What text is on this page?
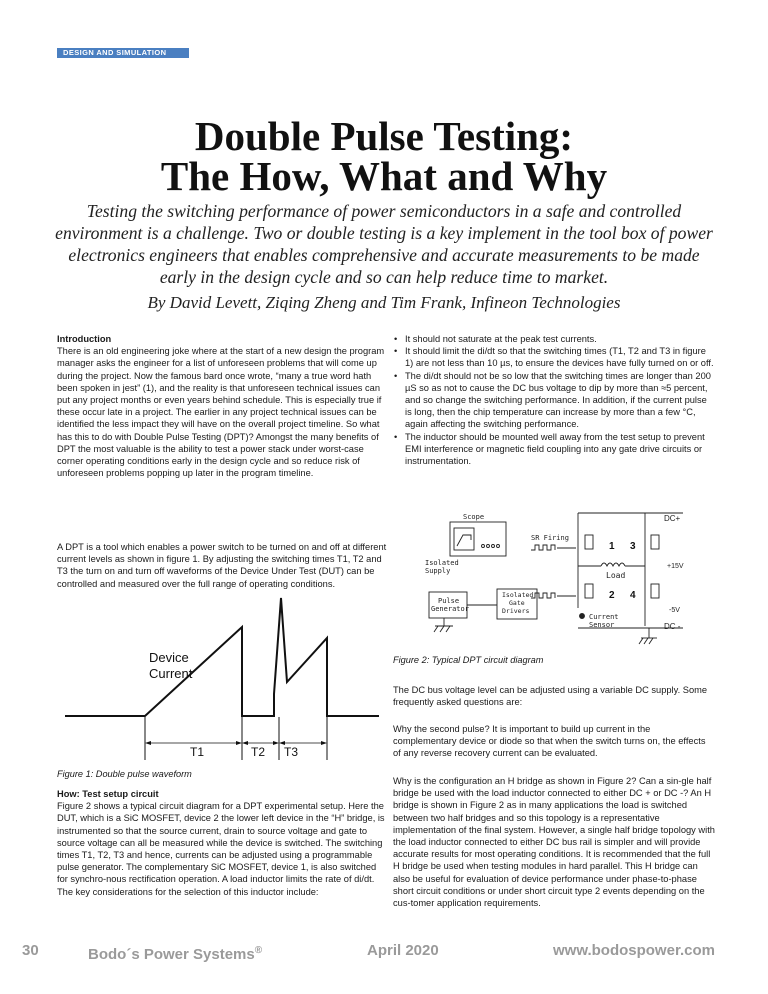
DESIGN AND SIMULATION
Double Pulse Testing:
The How, What and Why
Testing the switching performance of power semiconductors in a safe and controlled environment is a challenge. Two or double testing is a key implement in the tool box of power electronics engineers that enables comprehensive and accurate measurements to be made early in the design cycle and so can help reduce time to market.
By David Levett, Ziqing Zheng and Tim Frank, Infineon Technologies

Introduction

There is an old engineering joke where at the start of a new design the program manager asks the engineer for a list of unforeseen problems that will come up during the project. Now the famous bard once wrote, “many a true word hath been spoken in jest” (1), and the reality is that unforeseen technical issues can put any project months or even years behind schedule. This is especially true if these occur late in a project. The earlier in any project technical issues can be identified the less impact they will have on the overall project timeline. So what has this to do with Double Pulse Testing (DPT)? Amongst the many benefits of DPT the most valuable is the ability to test a power stack under worst-case corner operating conditions early in the design cycle and so reduce risk of unforeseen problems popping up later in the program timeline.

A DPT is a tool which enables a power switch to be turned on and off at different current levels as shown in figure 1. By adjusting the switching times T1, T2 and T3 the turn on and turn off waveforms of the Device Under Test (DUT) can be controlled and measured over the full range of operating conditions.

Device
Current
T1	T2 T3
Figure 1: Double pulse waveform

How: Test setup circuit

Figure 2 shows a typical circuit diagram for a DPT experimental setup. Here the DUT, which is a SiC MOSFET, device 2 the lower left device in the “H” bridge, is instrumented so that the source current, drain to source voltage and gate to source voltage can all be measured while the device is switched. The switching times T1, T2, T3 and hence, currents can be adjusted using a programmable pulse generator. The complementary SiC MOSFET, device 1, is also switched for synchro-nous rectification operation. A load inductor limits the rate of di/dt. The key considerations for the selection of this inductor include:

• It should not saturate at the peak test currents.
• It should limit the di/dt so that the switching times (T1, T2 and T3 in figure 1) are not less than 10 µs, to ensure the devices have fully turned on or off.
• The di/dt should not be so low that the switching times are longer than 200 µS so as not to cause the DC bus voltage to dip by more than ≈5 percent, and so change the switching performance. In addition, if the current pulse is long, then the chip temperature can increase by more than a few °C, again affecting the switching performance.
• The inductor should be mounted well away from the test setup to prevent EMI interference or magnetic field coupling into any gate drive circuits or instrumentation.
Scope
SR Firing
Isolated
Supply
Pulse
Generator
Isolated
Gate
Drivers
Current
Sensor
Load
DC+
DC -
+15V
-5V
1
2
3
4
Figure 2: Typical DPT circuit diagram

The DC bus voltage level can be adjusted using a variable DC supply. Some frequently asked questions are:

Why the second pulse? It is important to build up current in the complementary device or diode so that when the switch turns on, the effects of any reverse recovery current can be evaluated.

Why is the configuration an H bridge as shown in Figure 2? Can a sin-gle half bridge be used with the load inductor connected to either DC + or DC -? An H bridge is shown in Figure 2 as in many applications the load is switched between two half bridges and so this topology is a representative implementation of the final system. However, a single half bridge topology with the load inductor connected to either DC bus rail is simpler and will provide accurate results for most operating conditions. It is recommended that the full H bridge be used when testing modules in hard parallel. This H bridge can also be useful for evaluation of device performance under phase-to-phase short circuit conditions or under short circuit type 2 events depending on the cus-tomer application requirements.

30	Bodo´s Power Systems®	April 2020	www.bodospower.com
